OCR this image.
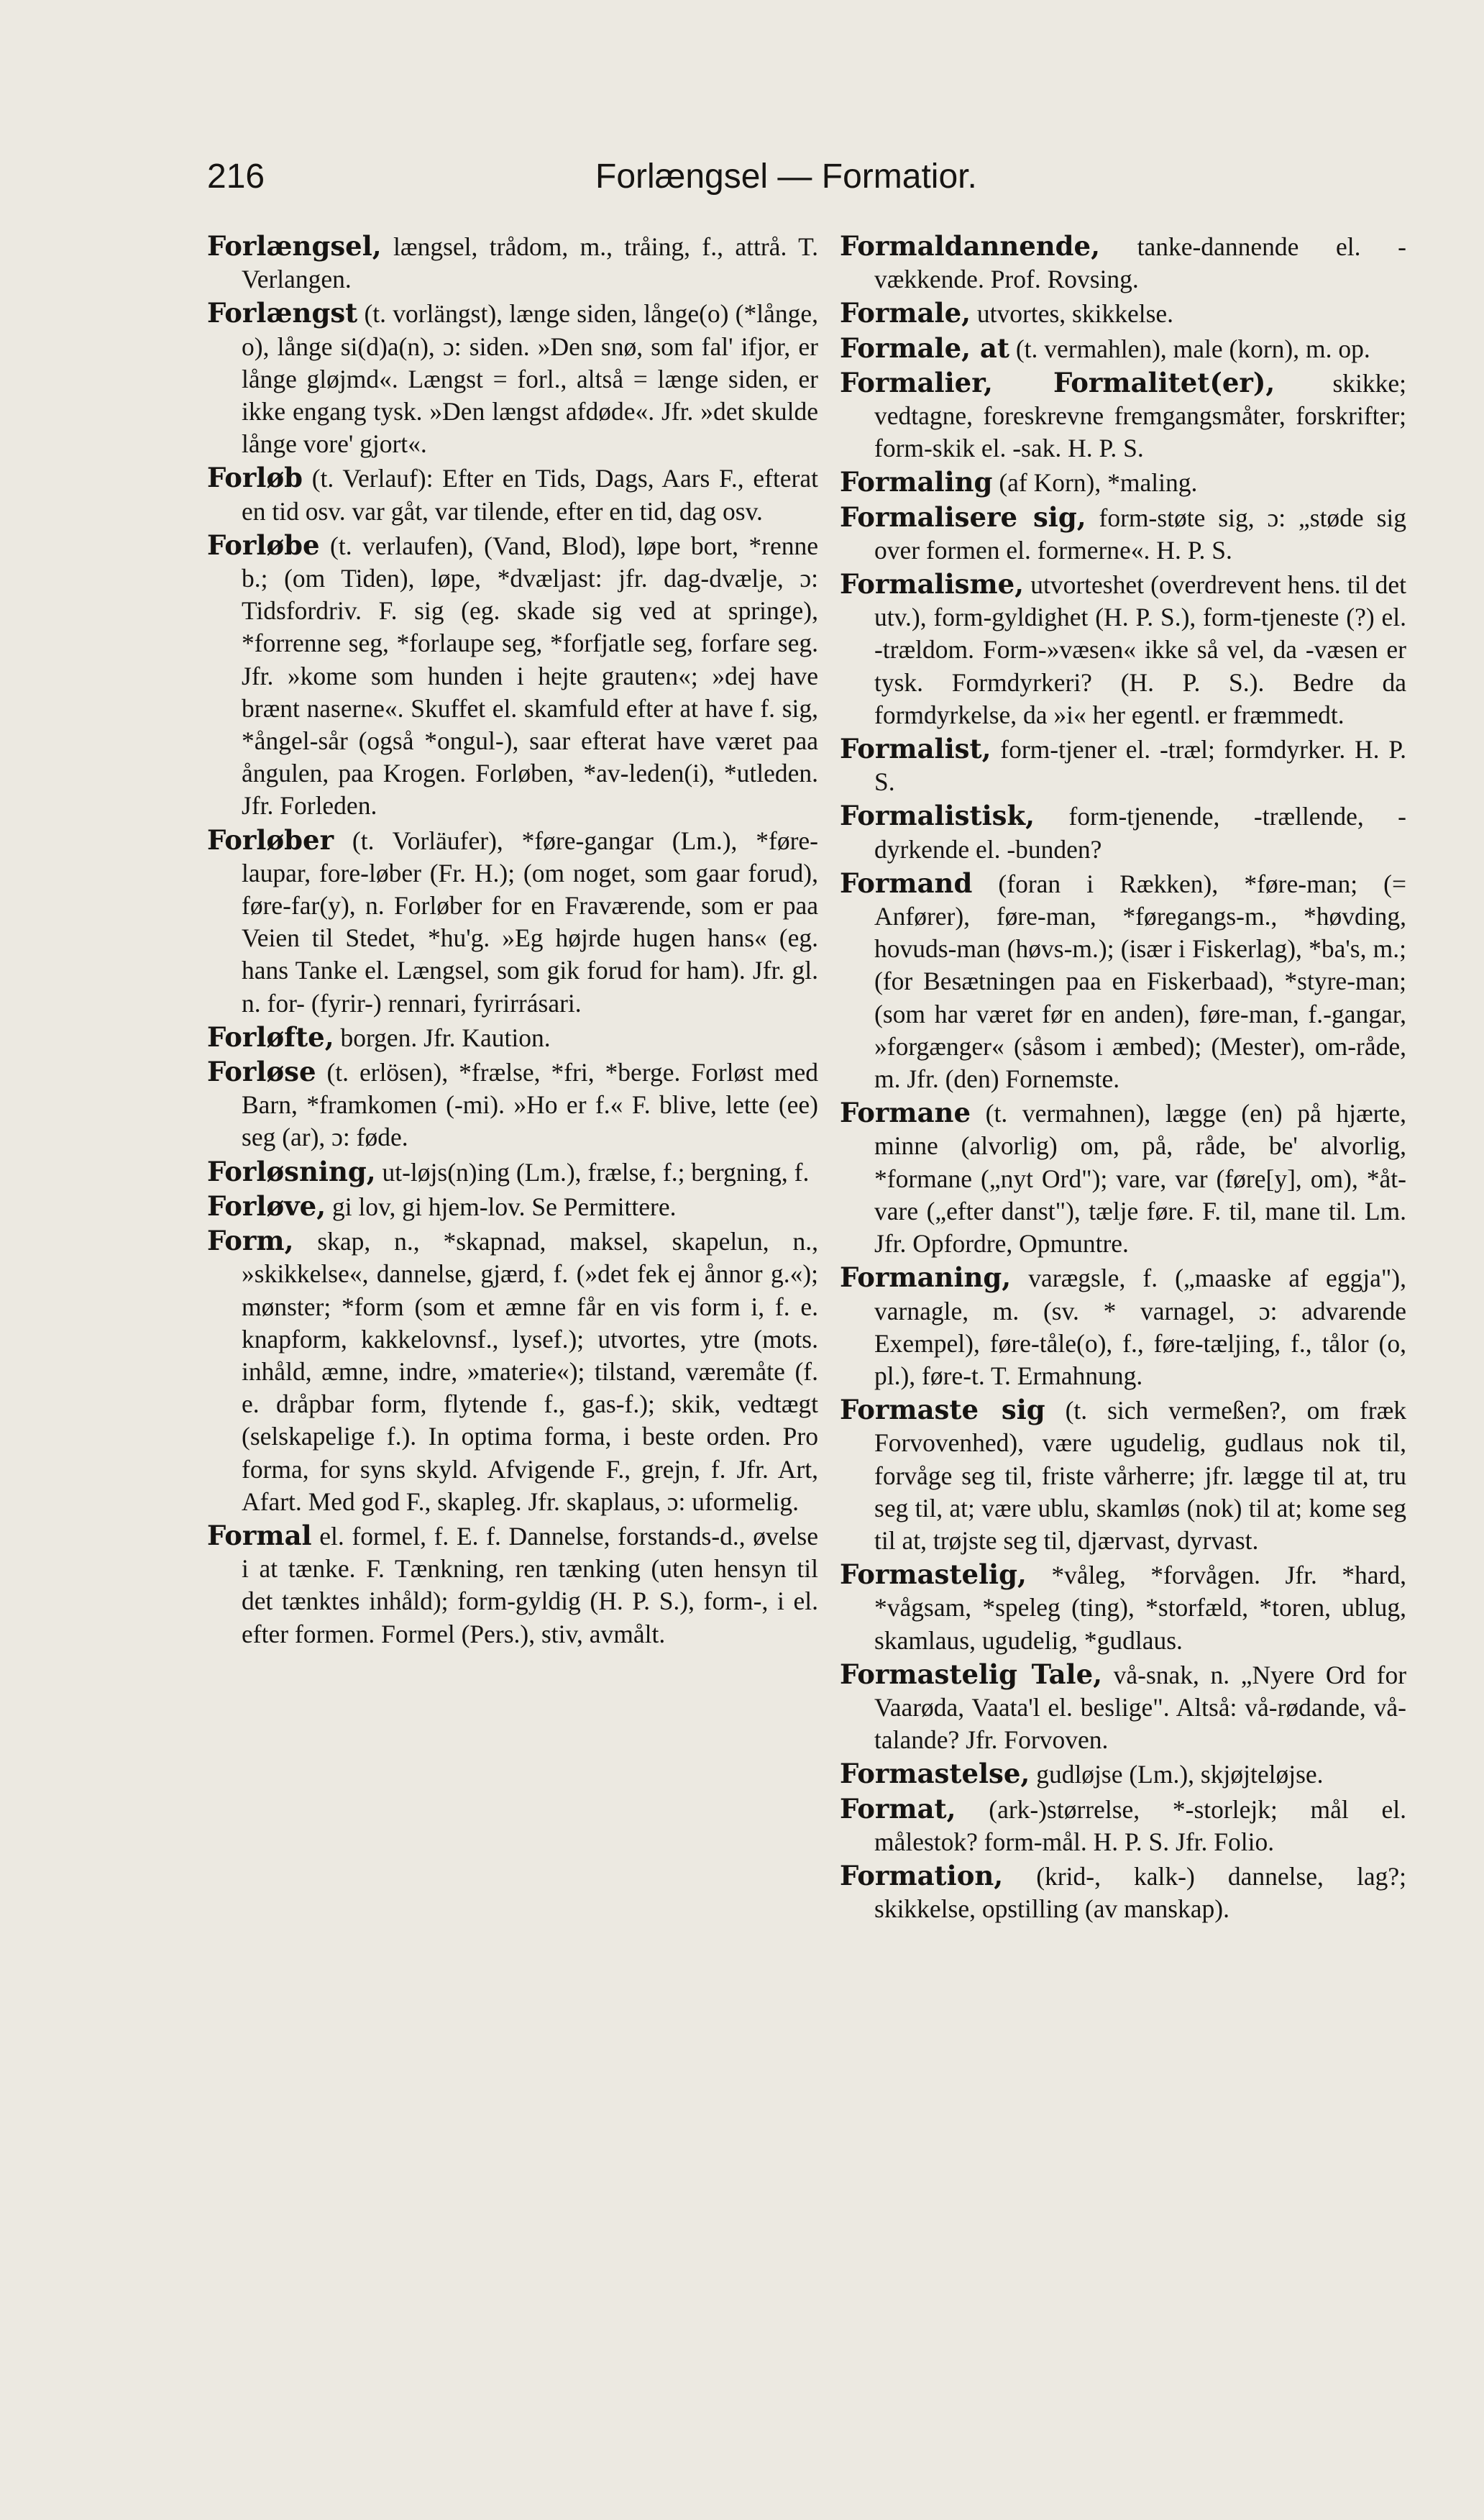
216	Forlængsel — Formatior.

Forlængsel, længsel, trådom, m., tråing, f., attrå. T. Verlangen.

Forlængst (t. vorlängst), længe siden, långe(o) (*långe, o), långe si(d)a(n), ɔ: siden. »Den snø, som fal' ifjor, er långe gløjmd«. Længst = forl., altså = længe siden, er ikke engang tysk. »Den længst afdøde«. Jfr. »det skulde långe vore' gjort«.

Forløb (t. Verlauf): Efter en Tids, Dags, Aars F., efterat en tid osv. var gåt, var tilende, efter en tid, dag osv.

Forløbe (t. verlaufen), (Vand, Blod), løpe bort, *renne b.; (om Tiden), løpe, *dvæljast: jfr. dag-dvælje, ɔ: Tidsfordriv. F. sig (eg. skade sig ved at springe), *forrenne seg, *forlaupe seg, *forfjatle seg, forfare seg. Jfr. »kome som hunden i hejte grauten«; »dej have brænt naserne«. Skuffet el. skamfuld efter at have f. sig, *ångel-sår (også *ongul-), saar efterat have været paa ångulen, paa Krogen. Forløben, *av-leden(i), *utleden. Jfr. Forleden.

Forløber (t. Vorläufer), *føre-gangar (Lm.), *føre-laupar, fore-løber (Fr. H.); (om noget, som gaar forud), føre-far(y), n. Forløber for en Fraværende, som er paa Veien til Stedet, *hu'g. »Eg højrde hugen hans« (eg. hans Tanke el. Længsel, som gik forud for ham). Jfr. gl. n. for- (fyrir-) rennari, fyrirrásari.

Forløfte, borgen. Jfr. Kaution.

Forløse (t. erlösen), *frælse, *fri, *berge. Forløst med Barn, *framkomen (-mi). »Ho er f.« F. blive, lette (ee) seg (ar), ɔ: føde.

Forløsning, ut-løjs(n)ing (Lm.), frælse, f.; bergning, f.

Forløve, gi lov, gi hjem-lov. Se Permittere.

Form, skap, n., *skapnad, maksel, skapelun, n., »skikkelse«, dannelse, gjærd, f. (»det fek ej ånnor g.«); mønster; *form (som et æmne får en vis form i, f. e. knapform, kakkelovnsf., lysef.); utvortes, ytre (mots. inhåld, æmne, indre, »materie«); tilstand, væremåte (f. e. dråpbar form, flytende f., gas-f.); skik, vedtægt (selskapelige f.). In optima forma, i beste orden. Pro forma, for syns skyld. Afvigende F., grejn, f. Jfr. Art, Afart. Med god F., skapleg. Jfr. skaplaus, ɔ: uformelig.

Formal el. formel, f. E. f. Dannelse, forstands-d., øvelse i at tænke. F. Tænkning, ren tænking (uten hensyn til det tænktes inhåld); form-gyldig (H. P. S.), form-, i el. efter formen. Formel (Pers.), stiv, avmålt.

Formaldannende, tanke-dannende el. -vækkende. Prof. Rovsing.

Formale, utvortes, skikkelse.

Formale, at (t. vermahlen), male (korn), m. op.

Formalier, Formalitet(er), skikke; vedtagne, foreskrevne fremgangsmåter, forskrifter; form-skik el. -sak. H. P. S.

Formaling (af Korn), *maling.

Formalisere sig, form-støte sig, ɔ: „støde sig over formen el. formerne«. H. P. S.

Formalisme, utvorteshet (overdrevent hens. til det utv.), form-gyldighet (H. P. S.), form-tjeneste (?) el. -trældom. Form-»væsen« ikke så vel, da -væsen er tysk. Formdyrkeri? (H. P. S.). Bedre da formdyrkelse, da »i« her egentl. er fræmmedt.

Formalist, form-tjener el. -træl; formdyrker. H. P. S.

Formalistisk, form-tjenende, -trællende, -dyrkende el. -bunden?

Formand (foran i Rækken), *føre-man; (= Anfører), føre-man, *føregangs-m., *høvding, hovuds-man (høvs-m.); (især i Fiskerlag), *ba's, m.; (for Besætningen paa en Fiskerbaad), *styre-man; (som har været før en anden), føre-man, f.-gangar, »forgænger« (såsom i æmbed); (Mester), om-råde, m. Jfr. (den) Fornemste.

Formane (t. vermahnen), lægge (en) på hjærte, minne (alvorlig) om, på, råde, be' alvorlig, *formane („nyt Ord"); vare, var (føre[y], om), *åt-vare („efter danst"), tælje føre. F. til, mane til. Lm. Jfr. Opfordre, Opmuntre.

Formaning, varægsle, f. („maaske af eggja"), varnagle, m. (sv. * varnagel, ɔ: advarende Exempel), føre-tåle(o), f., føre-tæljing, f., tålor (o, pl.), føre-t. T. Ermahnung.

Formaste sig (t. sich vermeßen?, om fræk Forvovenhed), være ugudelig, gudlaus nok til, forvåge seg til, friste vårherre; jfr. lægge til at, tru seg til, at; være ublu, skamløs (nok) til at; kome seg til at, trøjste seg til, djærvast, dyrvast.

Formastelig, *våleg, *forvågen. Jfr. *hard, *vågsam, *speleg (ting), *storfæld, *toren, ublug, skamlaus, ugudelig, *gudlaus.

Formastelig Tale, vå-snak, n. „Nyere Ord for Vaarøda, Vaata'l el. beslige". Altså: vå-rødande, vå-talande? Jfr. Forvoven.

Formastelse, gudløjse (Lm.), skjøjteløjse.

Format, (ark-)størrelse, *-storlejk; mål el. målestok? form-mål. H. P. S. Jfr. Folio.

Formation, (krid-, kalk-) dannelse, lag?; skikkelse, opstilling (av manskap).
